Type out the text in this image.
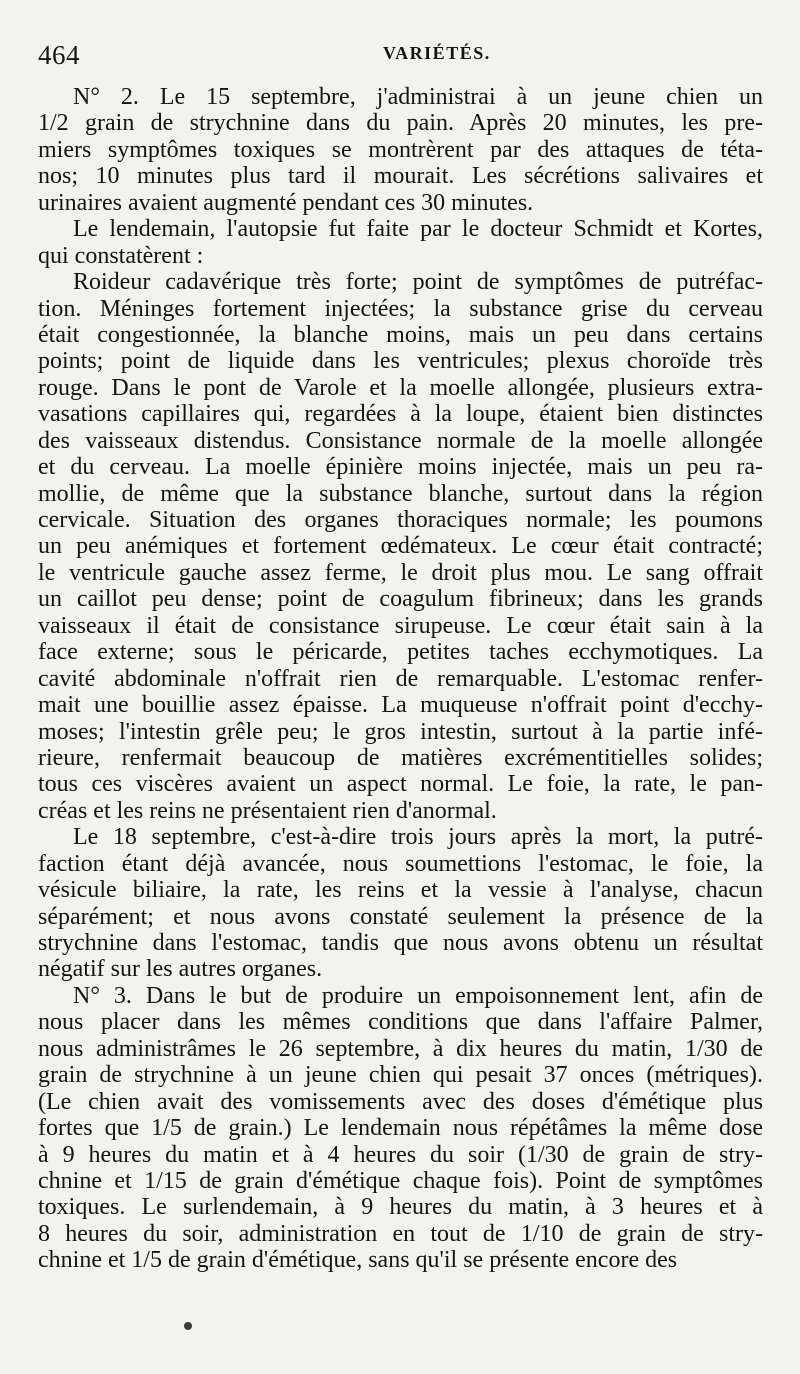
464	VARIÉTÉS.
N° 2. Le 15 septembre, j'administrai à un jeune chien un
1/2 grain de strychnine dans du pain. Après 20 minutes, les pre-
miers symptômes toxiques se montrèrent par des attaques de téta-
nos; 10 minutes plus tard il mourait. Les sécrétions salivaires et
urinaires avaient augmenté pendant ces 30 minutes.
Le lendemain, l'autopsie fut faite par le docteur Schmidt et Kortes,
qui constatèrent :
Roideur cadavérique très forte; point de symptômes de putréfac-
tion. Méninges fortement injectées; la substance grise du cerveau
était congestionnée, la blanche moins, mais un peu dans certains
points; point de liquide dans les ventricules; plexus choroïde très
rouge. Dans le pont de Varole et la moelle allongée, plusieurs extra-
vasations capillaires qui, regardées à la loupe, étaient bien distinctes
des vaisseaux distendus. Consistance normale de la moelle allongée
et du cerveau. La moelle épinière moins injectée, mais un peu ra-
mollie, de même que la substance blanche, surtout dans la région
cervicale. Situation des organes thoraciques normale; les poumons
un peu anémiques et fortement œdémateux. Le cœur était contracté;
le ventricule gauche assez ferme, le droit plus mou. Le sang offrait
un caillot peu dense; point de coagulum fibrineux; dans les grands
vaisseaux il était de consistance sirupeuse. Le cœur était sain à la
face externe; sous le péricarde, petites taches ecchymotiques. La
cavité abdominale n'offrait rien de remarquable. L'estomac renfer-
mait une bouillie assez épaisse. La muqueuse n'offrait point d'ecchy-
moses; l'intestin grêle peu; le gros intestin, surtout à la partie infé-
rieure, renfermait beaucoup de matières excrémentitielles solides;
tous ces viscères avaient un aspect normal. Le foie, la rate, le pan-
créas et les reins ne présentaient rien d'anormal.
Le 18 septembre, c'est-à-dire trois jours après la mort, la putré-
faction étant déjà avancée, nous soumettions l'estomac, le foie, la
vésicule biliaire, la rate, les reins et la vessie à l'analyse, chacun
séparément; et nous avons constaté seulement la présence de la
strychnine dans l'estomac, tandis que nous avons obtenu un résultat
négatif sur les autres organes.
N° 3. Dans le but de produire un empoisonnement lent, afin de
nous placer dans les mêmes conditions que dans l'affaire Palmer,
nous administrâmes le 26 septembre, à dix heures du matin, 1/30 de
grain de strychnine à un jeune chien qui pesait 37 onces (métriques).
(Le chien avait des vomissements avec des doses d'émétique plus
fortes que 1/5 de grain.) Le lendemain nous répétâmes la même dose
à 9 heures du matin et à 4 heures du soir (1/30 de grain de stry-
chnine et 1/15 de grain d'émétique chaque fois). Point de symptômes
toxiques. Le surlendemain, à 9 heures du matin, à 3 heures et à
8 heures du soir, administration en tout de 1/10 de grain de stry-
chnine et 1/5 de grain d'émétique, sans qu'il se présente encore des
